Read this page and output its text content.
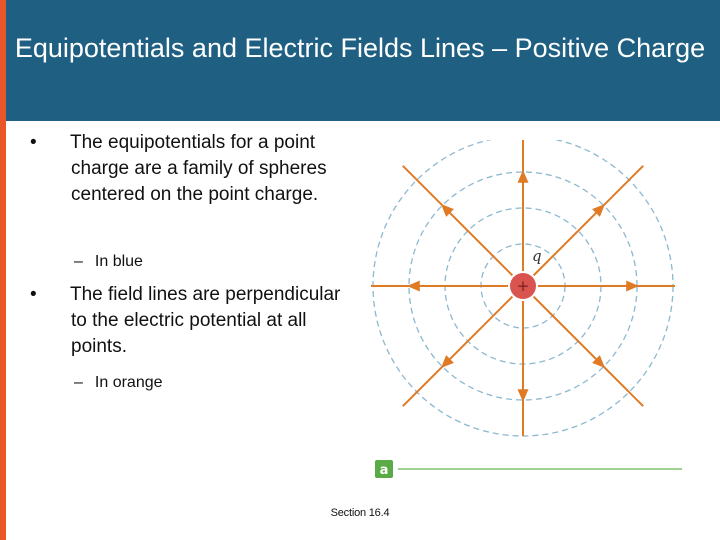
Equipotentials and Electric Fields Lines – Positive Charge
•	The equipotentials for a point charge are a family of spheres centered on the point charge.
– In blue
•	The field lines are perpendicular to the electric potential at all points.
– In orange
+
q
a
Section 16.4
